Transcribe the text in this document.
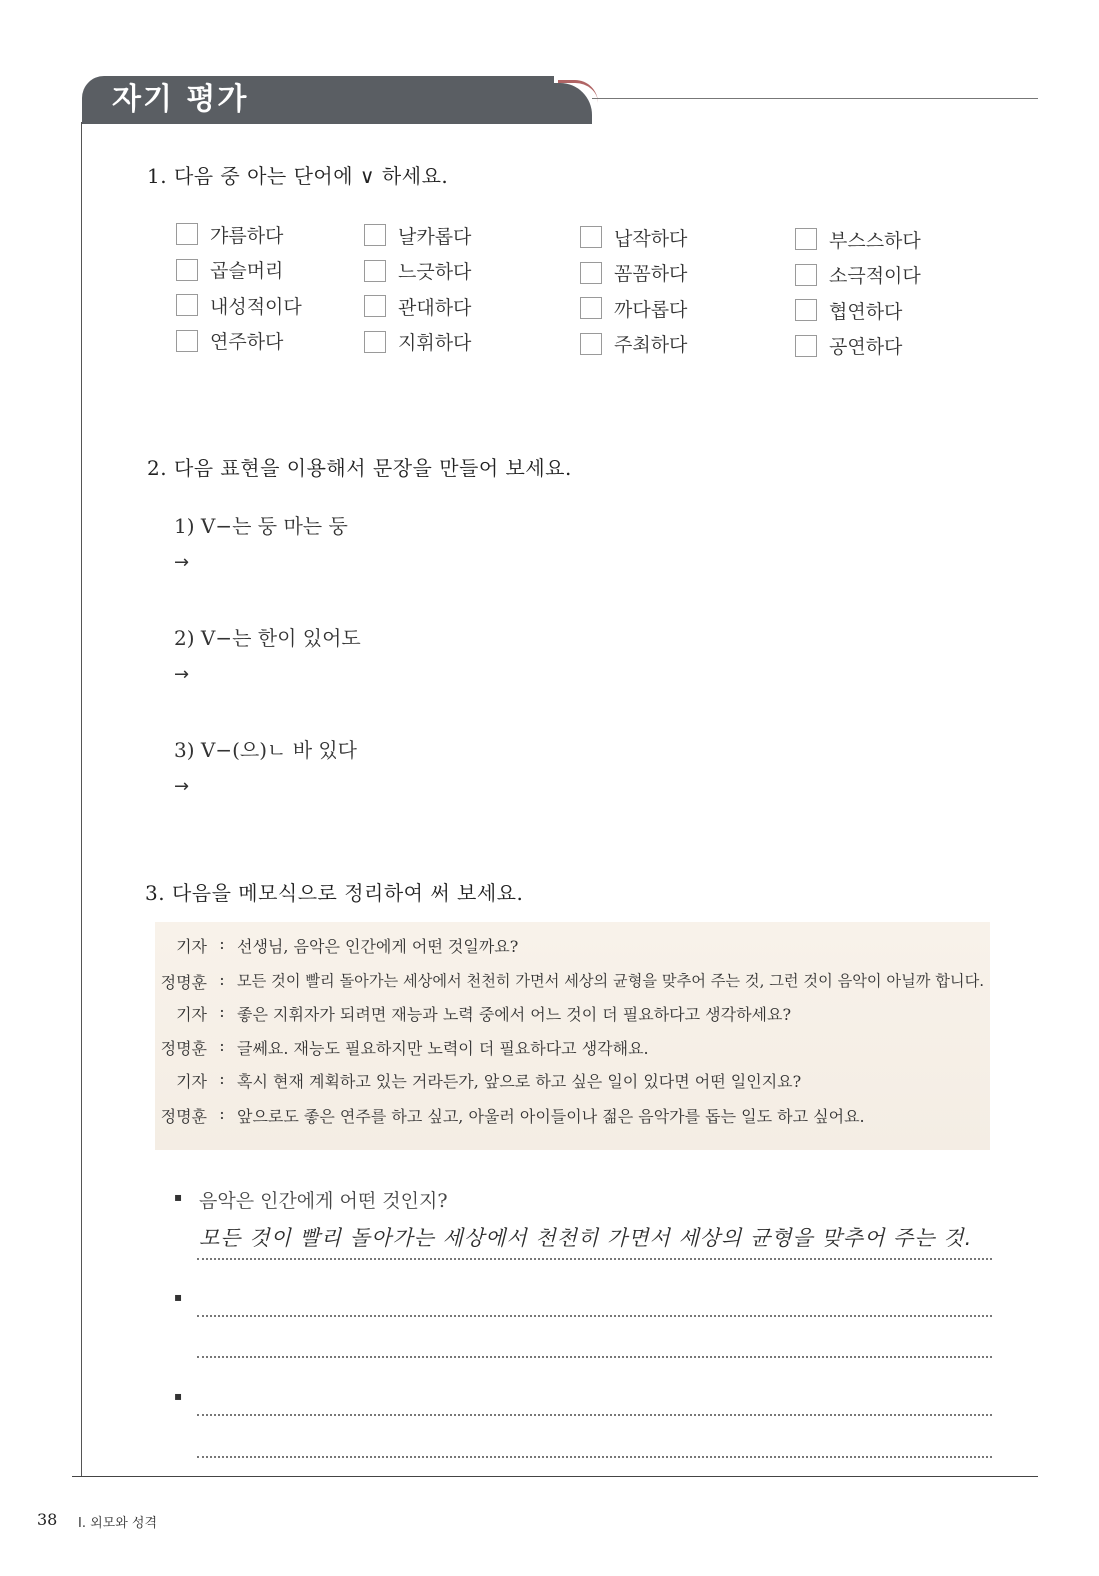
자기 평가
1. 다음 중 아는 단어에 ∨ 하세요.
갸름하다
곱슬머리
내성적이다
연주하다
날카롭다
느긋하다
관대하다
지휘하다
납작하다
꼼꼼하다
까다롭다
주최하다
부스스하다
소극적이다
협연하다
공연하다
2. 다음 표현을 이용해서 문장을 만들어 보세요.
1) V−는 둥 마는 둥
→
2) V−는 한이 있어도
→
3) V−(으)ㄴ 바 있다
→
3. 다음을 메모식으로 정리하여 써 보세요.
기자 : 선생님, 음악은 인간에게 어떤 것일까요?
정명훈 : 모든 것이 빨리 돌아가는 세상에서 천천히 가면서 세상의 균형을 맞추어 주는 것, 그런 것이 음악이 아닐까 합니다.
기자 : 좋은 지휘자가 되려면 재능과 노력 중에서 어느 것이 더 필요하다고 생각하세요?
정명훈 : 글쎄요. 재능도 필요하지만 노력이 더 필요하다고 생각해요.
기자 : 혹시 현재 계획하고 있는 거라든가, 앞으로 하고 싶은 일이 있다면 어떤 일인지요?
정명훈 : 앞으로도 좋은 연주를 하고 싶고, 아울러 아이들이나 젊은 음악가를 돕는 일도 하고 싶어요.
▪ 음악은 인간에게 어떤 것인지?
모든 것이 빨리 돌아가는 세상에서 천천히 가면서 세상의 균형을 맞추어 주는 것.
▪
▪
38 Ⅰ. 외모와 성격
